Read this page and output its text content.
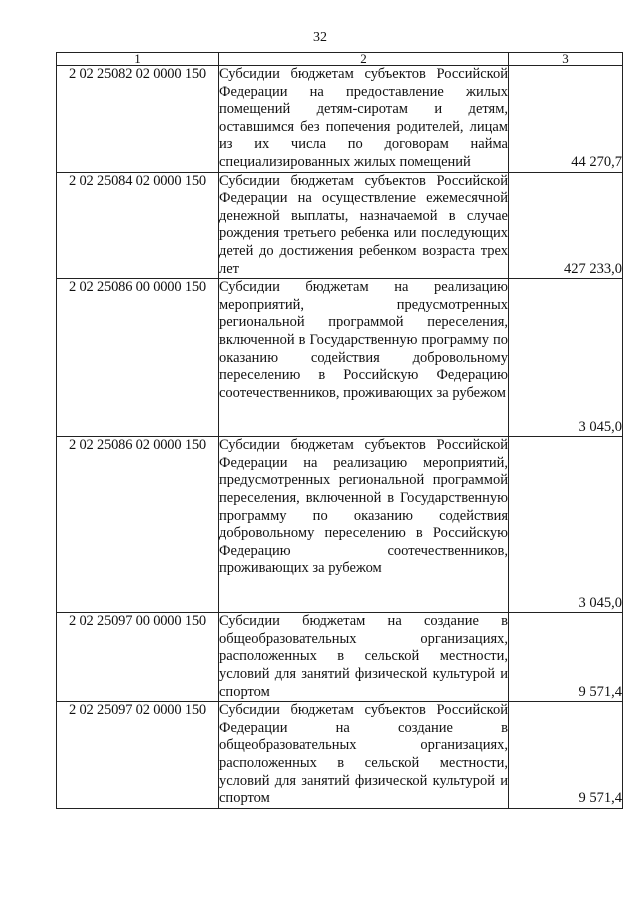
32
1	2	3
2 02 25082 02 0000 150	Субсидии бюджетам субъектов Российской Федерации на предоставление жилых помещений детям-сиротам и детям, оставшимся без попечения родителей, лицам из их числа по договорам найма специализированных жилых помещений	44 270,7
2 02 25084 02 0000 150	Субсидии бюджетам субъектов Российской Федерации на осуществление ежемесячной денежной выплаты, назначаемой в случае рождения третьего ребенка или последующих детей до достижения ребенком возраста трех лет	427 233,0
2 02 25086 00 0000 150	Субсидии бюджетам на реализацию мероприятий, предусмотренных региональной программой переселения, включенной в Государственную программу по оказанию содействия добровольному переселению в Российскую Федерацию соотечественников, проживающих за рубежом	3 045,0
2 02 25086 02 0000 150	Субсидии бюджетам субъектов Российской Федерации на реализацию мероприятий, предусмотренных региональной программой переселения, включенной в Государственную программу по оказанию содействия добровольному переселению в Российскую Федерацию соотечественников, проживающих за рубежом	3 045,0
2 02 25097 00 0000 150	Субсидии бюджетам на создание в общеобразовательных организациях, расположенных в сельской местности, условий для занятий физической культурой и спортом	9 571,4
2 02 25097 02 0000 150	Субсидии бюджетам субъектов Российской Федерации на создание в общеобразовательных организациях, расположенных в сельской местности, условий для занятий физической культурой и спортом	9 571,4
